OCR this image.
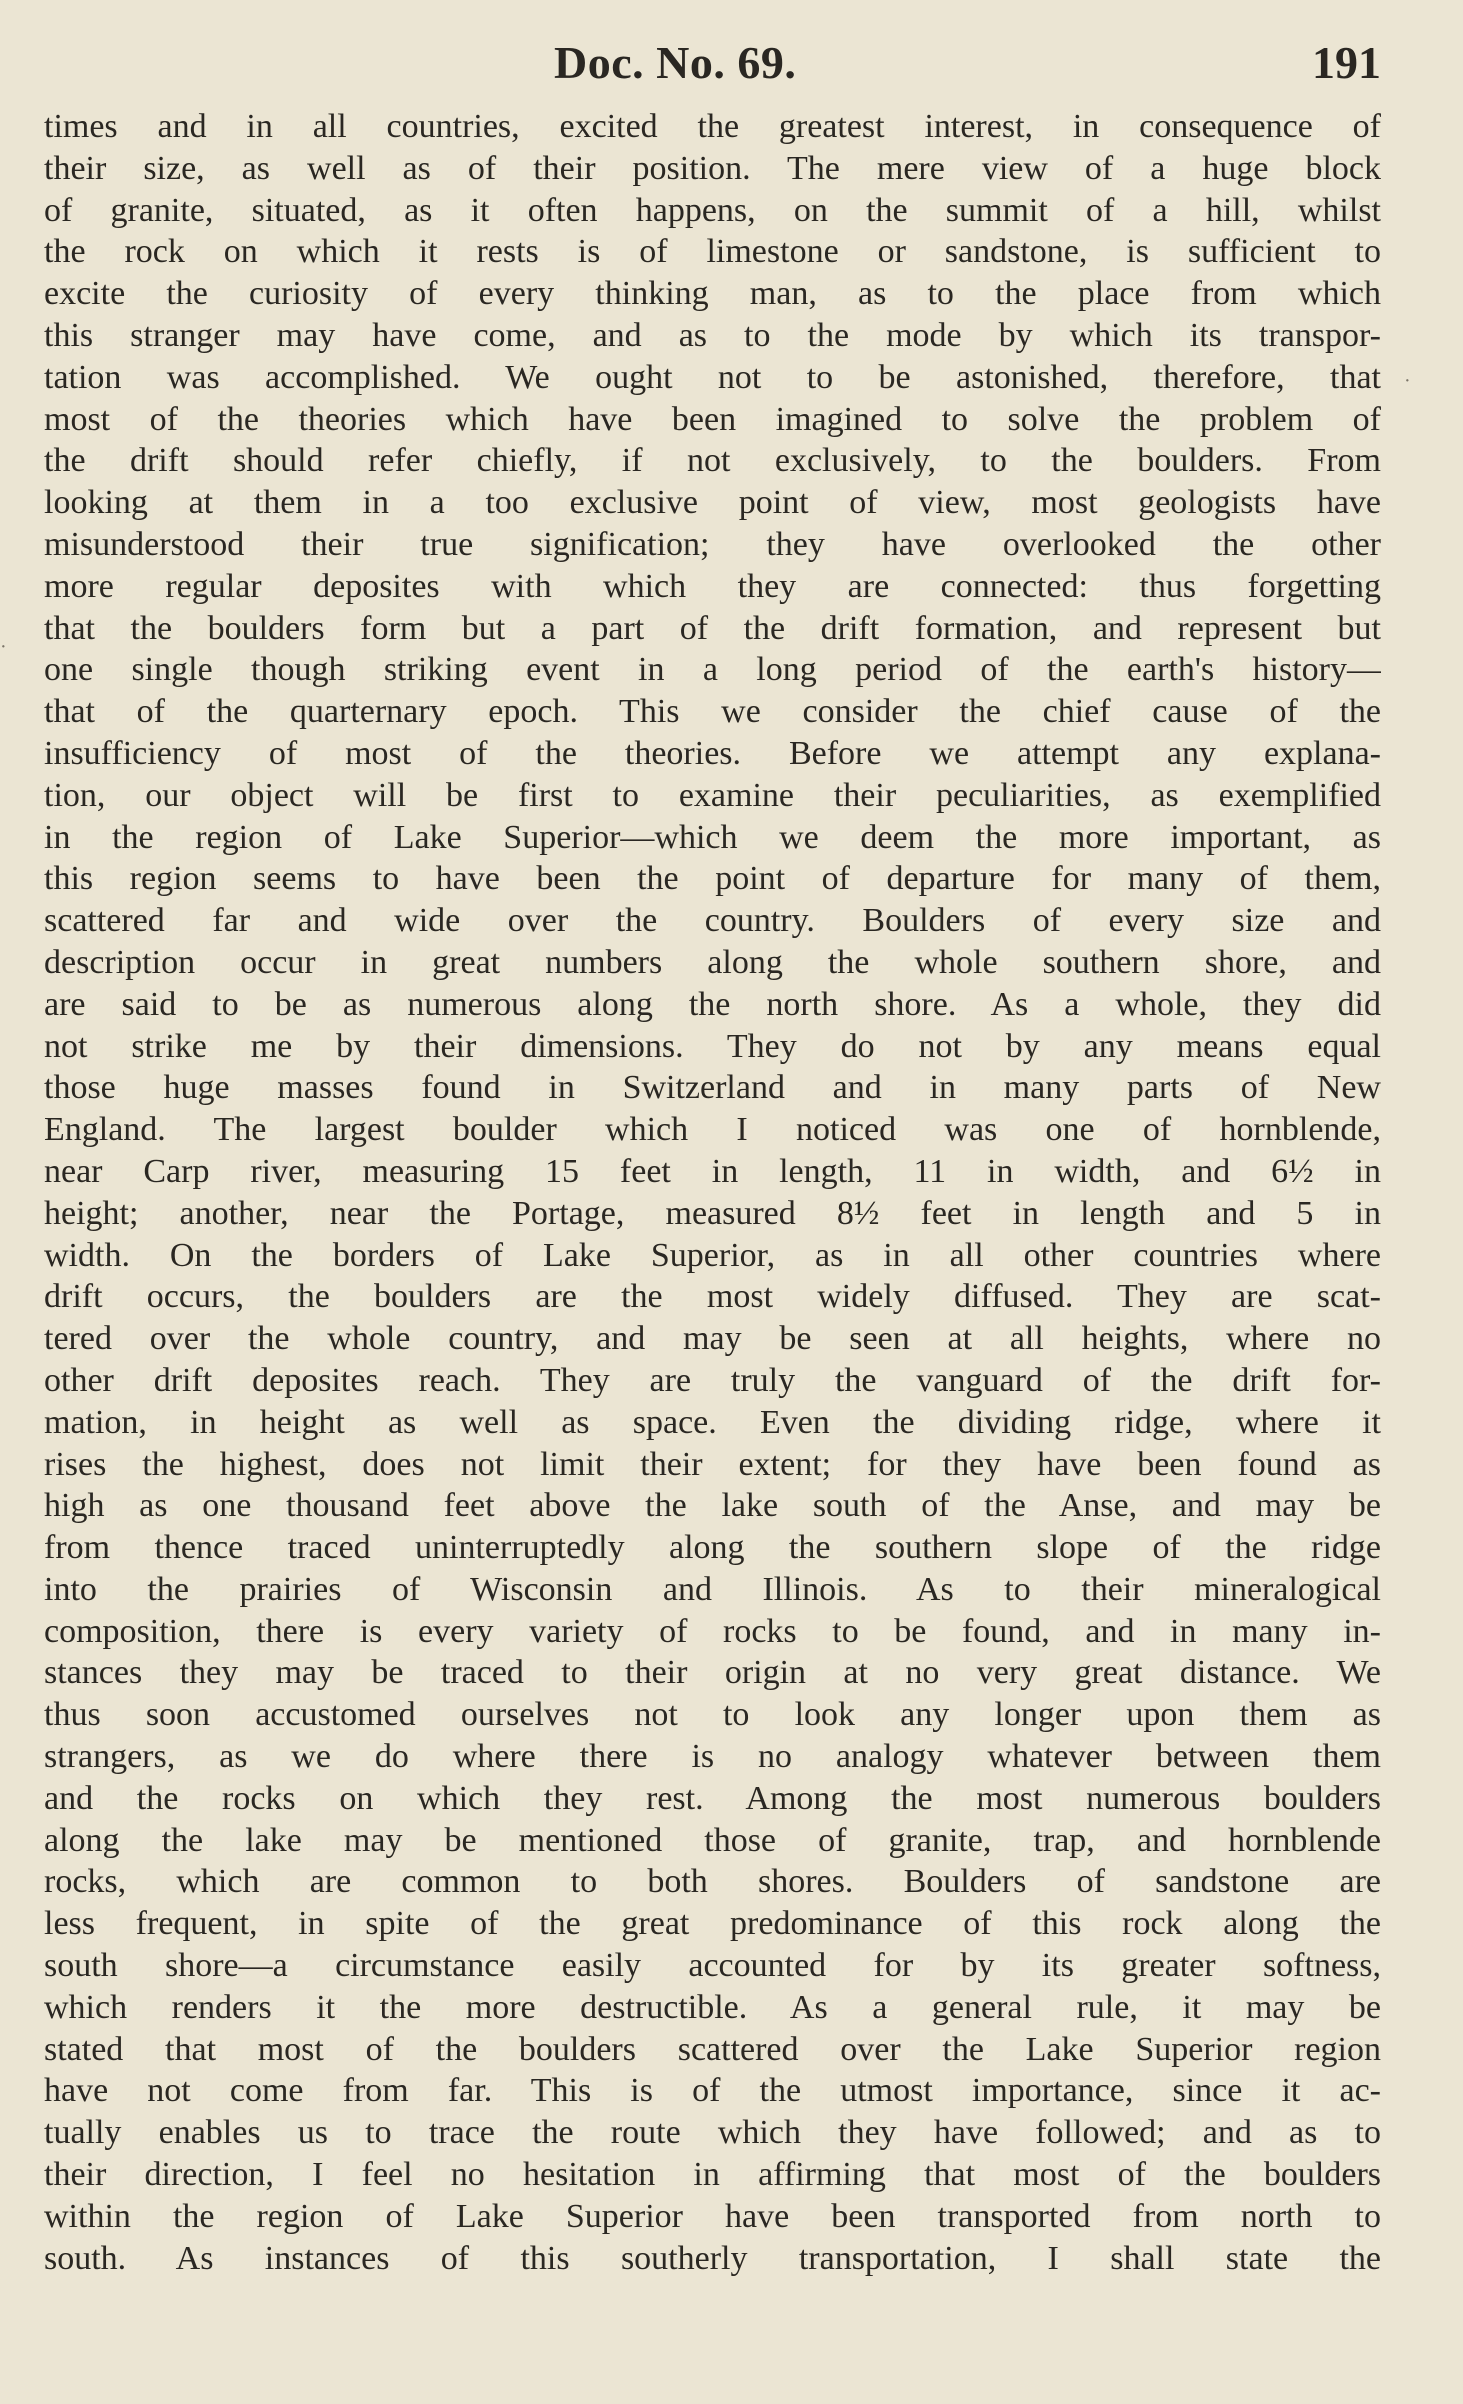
Doc. No. 69.	191
·
·
times and in all countries, excited the greatest interest, in consequence of
their size, as well as of their position. The mere view of a huge block
of granite, situated, as it often happens, on the summit of a hill, whilst
the rock on which it rests is of limestone or sandstone, is sufficient to
excite the curiosity of every thinking man, as to the place from which
this stranger may have come, and as to the mode by which its transpor-
tation was accomplished. We ought not to be astonished, therefore, that
most of the theories which have been imagined to solve the problem of
the drift should refer chiefly, if not exclusively, to the boulders. From
looking at them in a too exclusive point of view, most geologists have
misunderstood their true signification; they have overlooked the other
more regular deposites with which they are connected: thus forgetting
that the boulders form but a part of the drift formation, and represent but
one single though striking event in a long period of the earth's history—
that of the quarternary epoch. This we consider the chief cause of the
insufficiency of most of the theories. Before we attempt any explana-
tion, our object will be first to examine their peculiarities, as exemplified
in the region of Lake Superior—which we deem the more important, as
this region seems to have been the point of departure for many of them,
scattered far and wide over the country. Boulders of every size and
description occur in great numbers along the whole southern shore, and
are said to be as numerous along the north shore. As a whole, they did
not strike me by their dimensions. They do not by any means equal
those huge masses found in Switzerland and in many parts of New
England. The largest boulder which I noticed was one of hornblende,
near Carp river, measuring 15 feet in length, 11 in width, and 6½ in
height; another, near the Portage, measured 8½ feet in length and 5 in
width. On the borders of Lake Superior, as in all other countries where
drift occurs, the boulders are the most widely diffused. They are scat-
tered over the whole country, and may be seen at all heights, where no
other drift deposites reach. They are truly the vanguard of the drift for-
mation, in height as well as space. Even the dividing ridge, where it
rises the highest, does not limit their extent; for they have been found as
high as one thousand feet above the lake south of the Anse, and may be
from thence traced uninterruptedly along the southern slope of the ridge
into the prairies of Wisconsin and Illinois. As to their mineralogical
composition, there is every variety of rocks to be found, and in many in-
stances they may be traced to their origin at no very great distance. We
thus soon accustomed ourselves not to look any longer upon them as
strangers, as we do where there is no analogy whatever between them
and the rocks on which they rest. Among the most numerous boulders
along the lake may be mentioned those of granite, trap, and hornblende
rocks, which are common to both shores. Boulders of sandstone are
less frequent, in spite of the great predominance of this rock along the
south shore—a circumstance easily accounted for by its greater softness,
which renders it the more destructible. As a general rule, it may be
stated that most of the boulders scattered over the Lake Superior region
have not come from far. This is of the utmost importance, since it ac-
tually enables us to trace the route which they have followed; and as to
their direction, I feel no hesitation in affirming that most of the boulders
within the region of Lake Superior have been transported from north to
south. As instances of this southerly transportation, I shall state the
